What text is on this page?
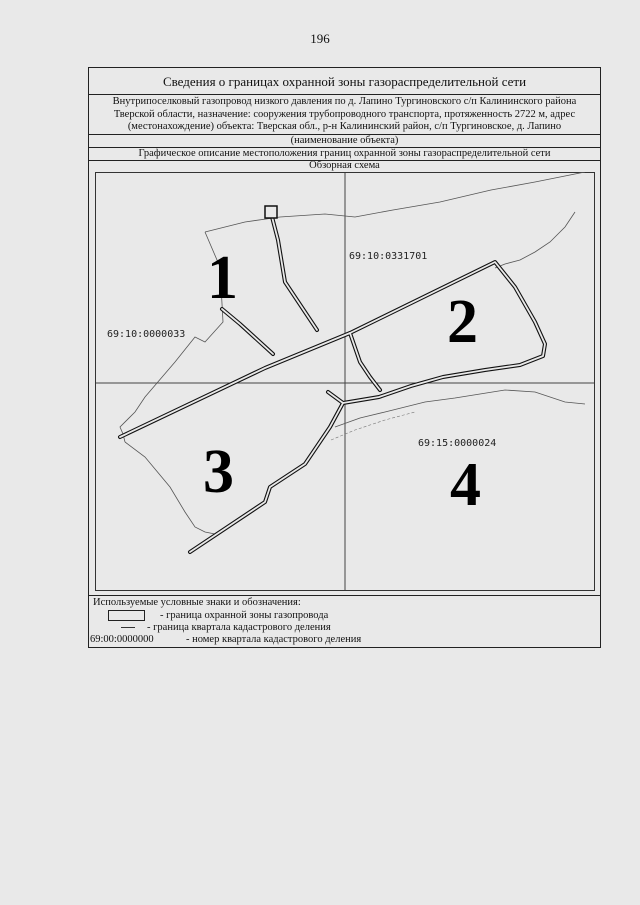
196
Сведения о границах охранной зоны газораспределительной сети
Внутрипоселковый газопровод низкого давления по д. Лапино Тургиновского с/п Калининского района
Тверской области, назначение: сооружения трубопроводного транспорта, протяженность 2722 м, адрес
(местонахождение) объекта: Тверская обл., р-н Калининский район, с/п Тургиновское, д. Лапино
(наименование объекта)
Графическое описание местоположения границ охранной зоны газораспределительной сети
Обзорная схема
69:10:0331701
69:10:0000033
69:15:0000024
1
2
3	4
Используемые условные знаки и обозначения:
- граница охранной зоны газопровода
- граница квартала кадастрового деления
69:00:0000000	- номер квартала кадастрового деления
